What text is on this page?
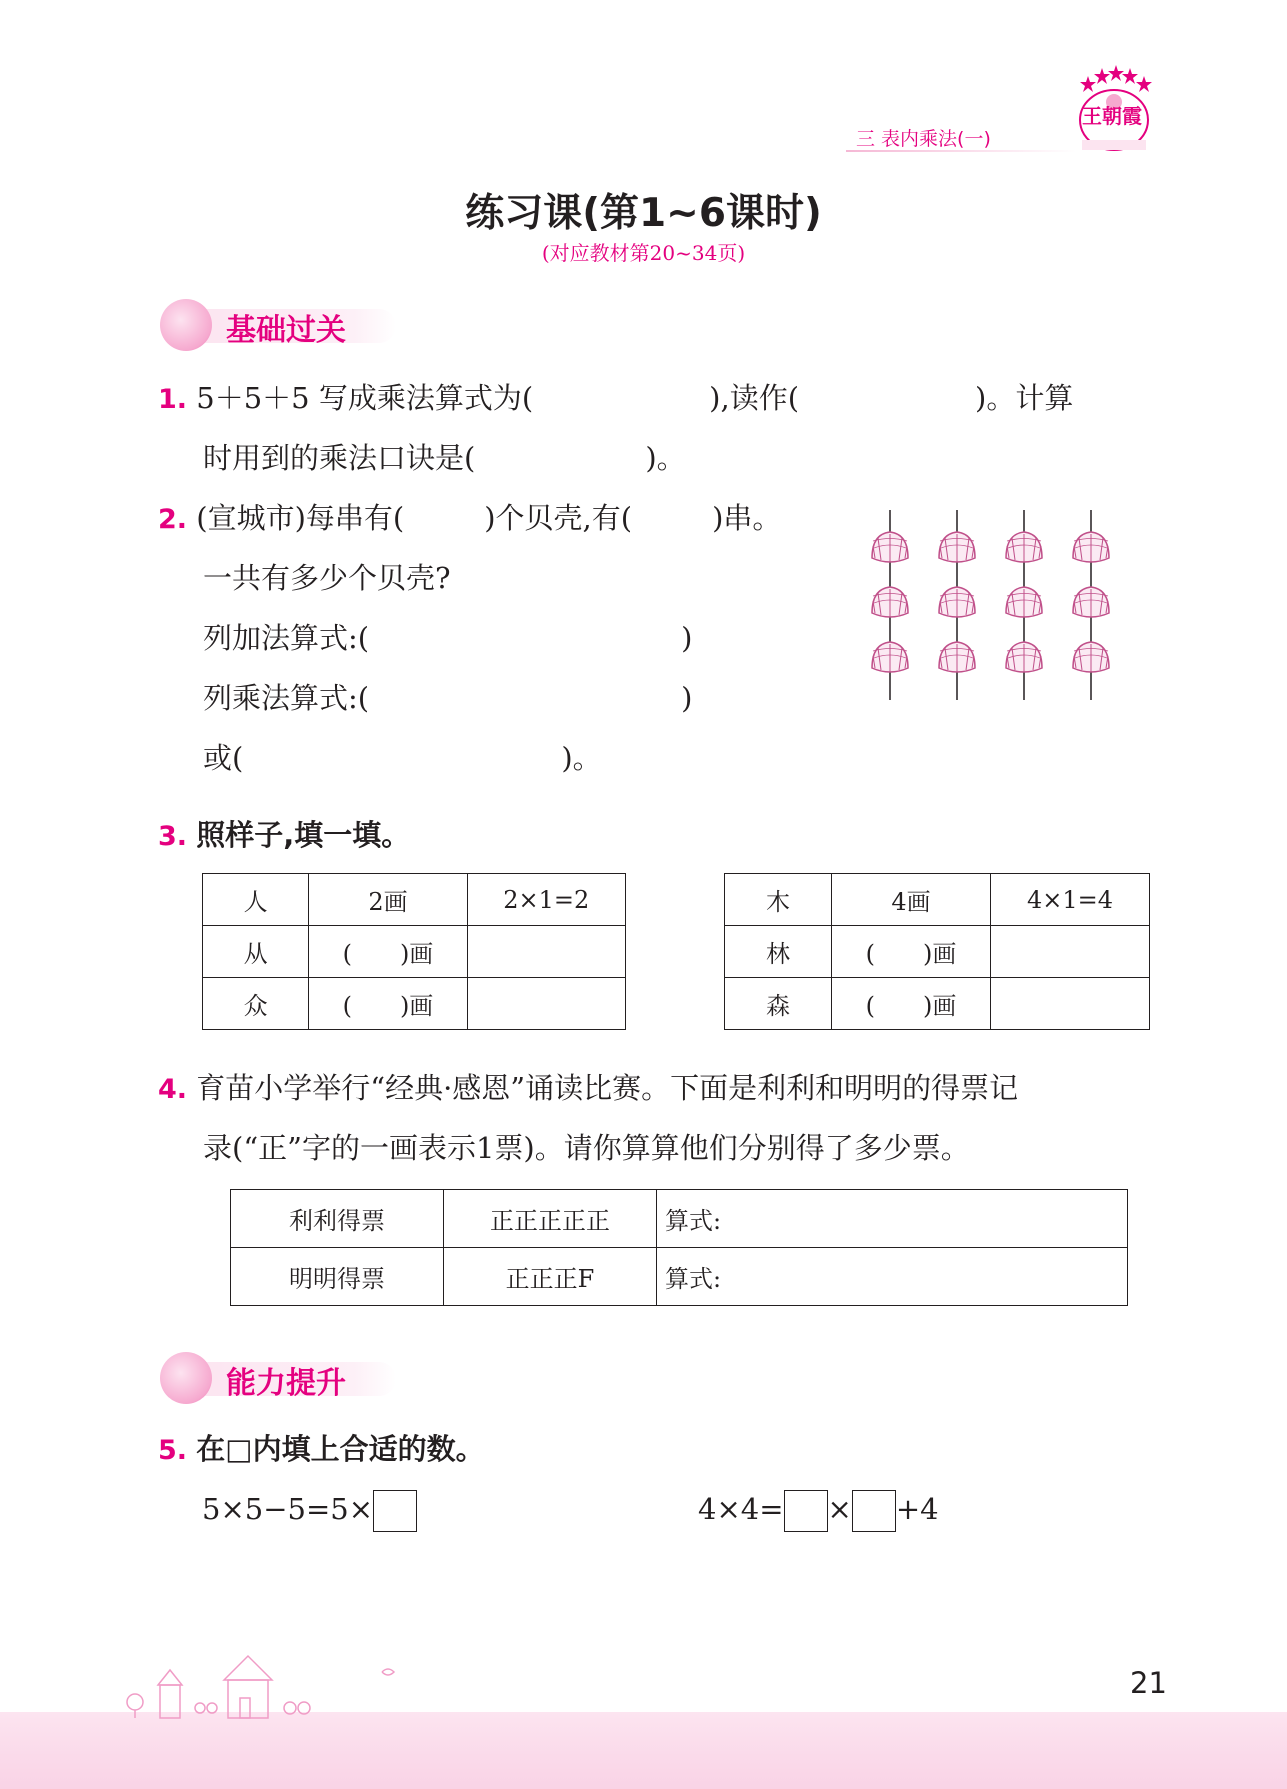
三 表内乘法(一)
王朝霞
练习课(第1~6课时)
(对应教材第20~34页)
基础过关
1. 5＋5＋5 写成乘法算式为(	),读作(	)。计算
时用到的乘法口诀是(	)。
2. (宣城市)每串有(	)个贝壳,有(	)串。
一共有多少个贝壳?
列加法算式:(	)
列乘法算式:(	)
或(	)。
3. 照样子,填一填。
人	2画	2×1=2
从	(　　)画	
众	(　　)画	
木	4画	4×1=4
林	(　　)画	
森	(　　)画	
4. 育苗小学举行“经典·感恩”诵读比赛。下面是利利和明明的得票记
录(“正”字的一画表示1票)。请你算算他们分别得了多少票。
利利得票	正正正正正	算式:
明明得票	正正正F	算式:
能力提升
5. 在□内填上合适的数。
5×5−5=5×	4×4= × +4
21
